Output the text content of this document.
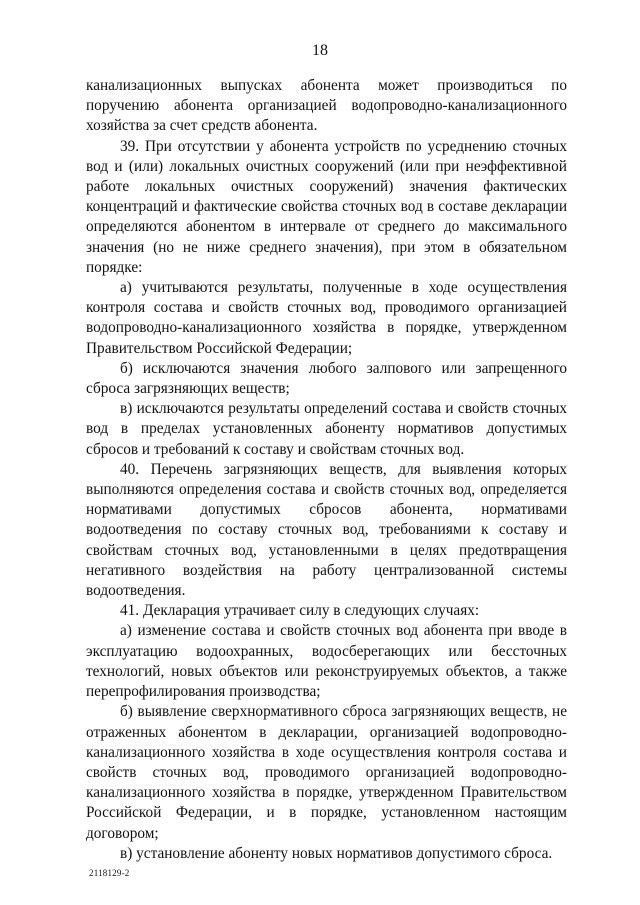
18

канализационных выпусках абонента может производиться по поручению абонента организацией водопроводно-канализационного хозяйства за счет средств абонента.

39. При отсутствии у абонента устройств по усреднению сточных вод и (или) локальных очистных сооружений (или при неэффективной работе локальных очистных сооружений) значения фактических концентраций и фактические свойства сточных вод в составе декларации определяются абонентом в интервале от среднего до максимального значения (но не ниже среднего значения), при этом в обязательном порядке:

а) учитываются результаты, полученные в ходе осуществления контроля состава и свойств сточных вод, проводимого организацией водопроводно-канализационного хозяйства в порядке, утвержденном Правительством Российской Федерации;

б) исключаются значения любого залпового или запрещенного сброса загрязняющих веществ;

в) исключаются результаты определений состава и свойств сточных вод в пределах установленных абоненту нормативов допустимых сбросов и требований к составу и свойствам сточных вод.

40. Перечень загрязняющих веществ, для выявления которых выполняются определения состава и свойств сточных вод, определяется нормативами допустимых сбросов абонента, нормативами водоотведения по составу сточных вод, требованиями к составу и свойствам сточных вод, установленными в целях предотвращения негативного воздействия на работу централизованной системы водоотведения.

41. Декларация утрачивает силу в следующих случаях:

а) изменение состава и свойств сточных вод абонента при вводе в эксплуатацию водоохранных, водосберегающих или бессточных технологий, новых объектов или реконструируемых объектов, а также перепрофилирования производства;

б) выявление сверхнормативного сброса загрязняющих веществ, не отраженных абонентом в декларации, организацией водопроводно-канализационного хозяйства в ходе осуществления контроля состава и свойств сточных вод, проводимого организацией водопроводно-канализационного хозяйства в порядке, утвержденном Правительством Российской Федерации, и в порядке, установленном настоящим договором;

в) установление абоненту новых нормативов допустимого сброса.

2118129-2
